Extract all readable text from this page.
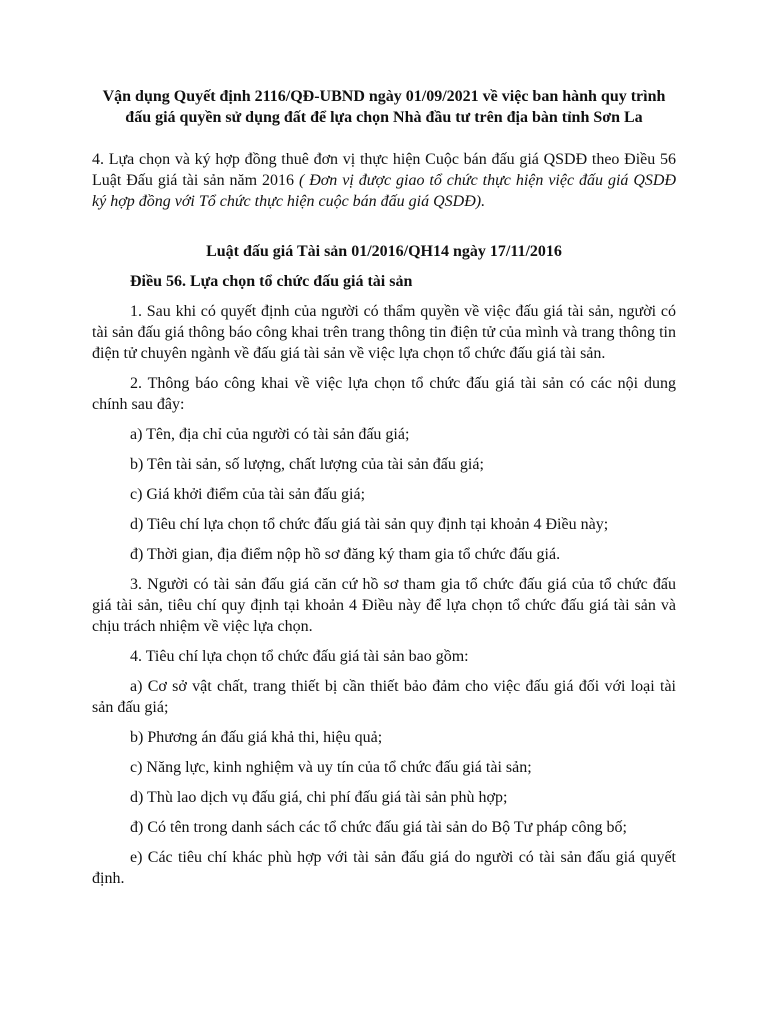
Vận dụng Quyết định 2116/QĐ-UBND ngày 01/09/2021 về việc ban hành quy trình đấu giá quyền sử dụng đất để lựa chọn Nhà đầu tư trên địa bàn tỉnh Sơn La

4. Lựa chọn và ký hợp đồng thuê đơn vị thực hiện Cuộc bán đấu giá QSDĐ theo Điều 56 Luật Đấu giá tài sản năm 2016 ( Đơn vị được giao tổ chức thực hiện việc đấu giá QSDĐ ký hợp đồng với Tổ chức thực hiện cuộc bán đấu giá QSDĐ).

Luật đấu giá Tài sản 01/2016/QH14 ngày 17/11/2016

Điều 56. Lựa chọn tổ chức đấu giá tài sản

1. Sau khi có quyết định của người có thẩm quyền về việc đấu giá tài sản, người có tài sản đấu giá thông báo công khai trên trang thông tin điện tử của mình và trang thông tin điện tử chuyên ngành về đấu giá tài sản về việc lựa chọn tổ chức đấu giá tài sản.

2. Thông báo công khai về việc lựa chọn tổ chức đấu giá tài sản có các nội dung chính sau đây:

a) Tên, địa chỉ của người có tài sản đấu giá;

b) Tên tài sản, số lượng, chất lượng của tài sản đấu giá;

c) Giá khởi điểm của tài sản đấu giá;

d) Tiêu chí lựa chọn tổ chức đấu giá tài sản quy định tại khoản 4 Điều này;

đ) Thời gian, địa điểm nộp hồ sơ đăng ký tham gia tổ chức đấu giá.

3. Người có tài sản đấu giá căn cứ hồ sơ tham gia tổ chức đấu giá của tổ chức đấu giá tài sản, tiêu chí quy định tại khoản 4 Điều này để lựa chọn tổ chức đấu giá tài sản và chịu trách nhiệm về việc lựa chọn.

4. Tiêu chí lựa chọn tổ chức đấu giá tài sản bao gồm:

a) Cơ sở vật chất, trang thiết bị cần thiết bảo đảm cho việc đấu giá đối với loại tài sản đấu giá;

b) Phương án đấu giá khả thi, hiệu quả;

c) Năng lực, kinh nghiệm và uy tín của tổ chức đấu giá tài sản;

d) Thù lao dịch vụ đấu giá, chi phí đấu giá tài sản phù hợp;

đ) Có tên trong danh sách các tổ chức đấu giá tài sản do Bộ Tư pháp công bố;

e) Các tiêu chí khác phù hợp với tài sản đấu giá do người có tài sản đấu giá quyết định.
